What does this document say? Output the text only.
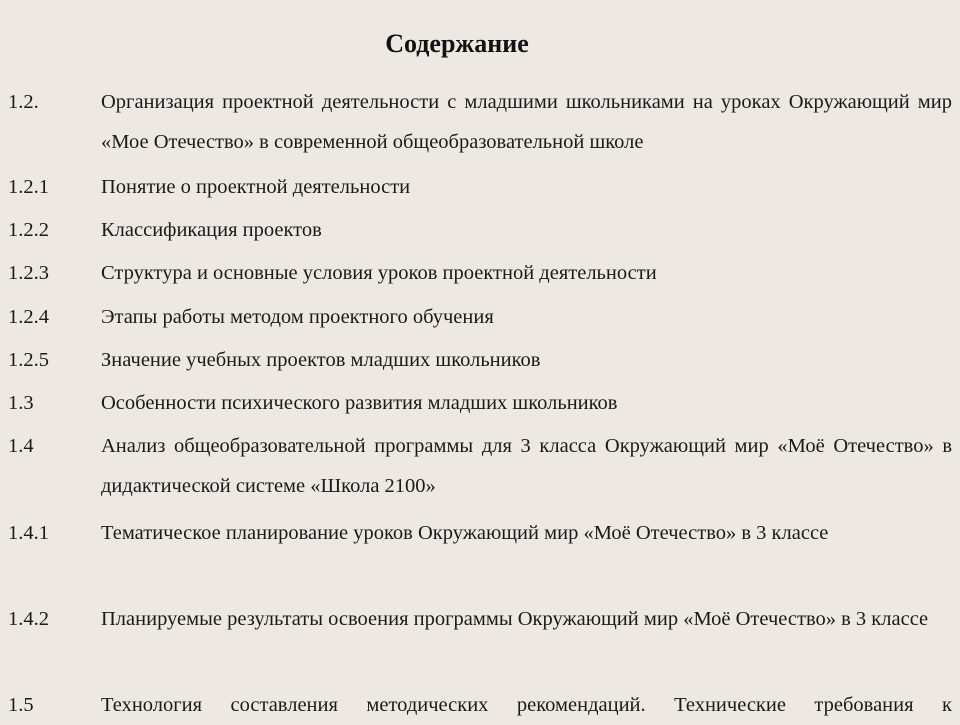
Содержание
1.2.	Организация проектной деятельности с младшими школьниками на уроках Окружающий мир «Мое Отечество» в современной общеобразовательной школе
1.2.1	Понятие о проектной деятельности
1.2.2	Классификация проектов
1.2.3	Структура и основные условия уроков проектной деятельности
1.2.4	Этапы работы методом проектного обучения
1.2.5	Значение учебных проектов младших школьников
1.3	Особенности психического развития младших школьников
1.4	Анализ общеобразовательной программы для 3 класса Окружающий мир «Моё Отечество» в дидактической системе «Школа 2100»
1.4.1	Тематическое планирование уроков Окружающий мир «Моё Отечество» в 3 классе
1.4.2	Планируемые результаты освоения программы Окружающий мир «Моё Отечество» в 3 классе
1.5	Технология составления методических рекомендаций. Технические требования к
